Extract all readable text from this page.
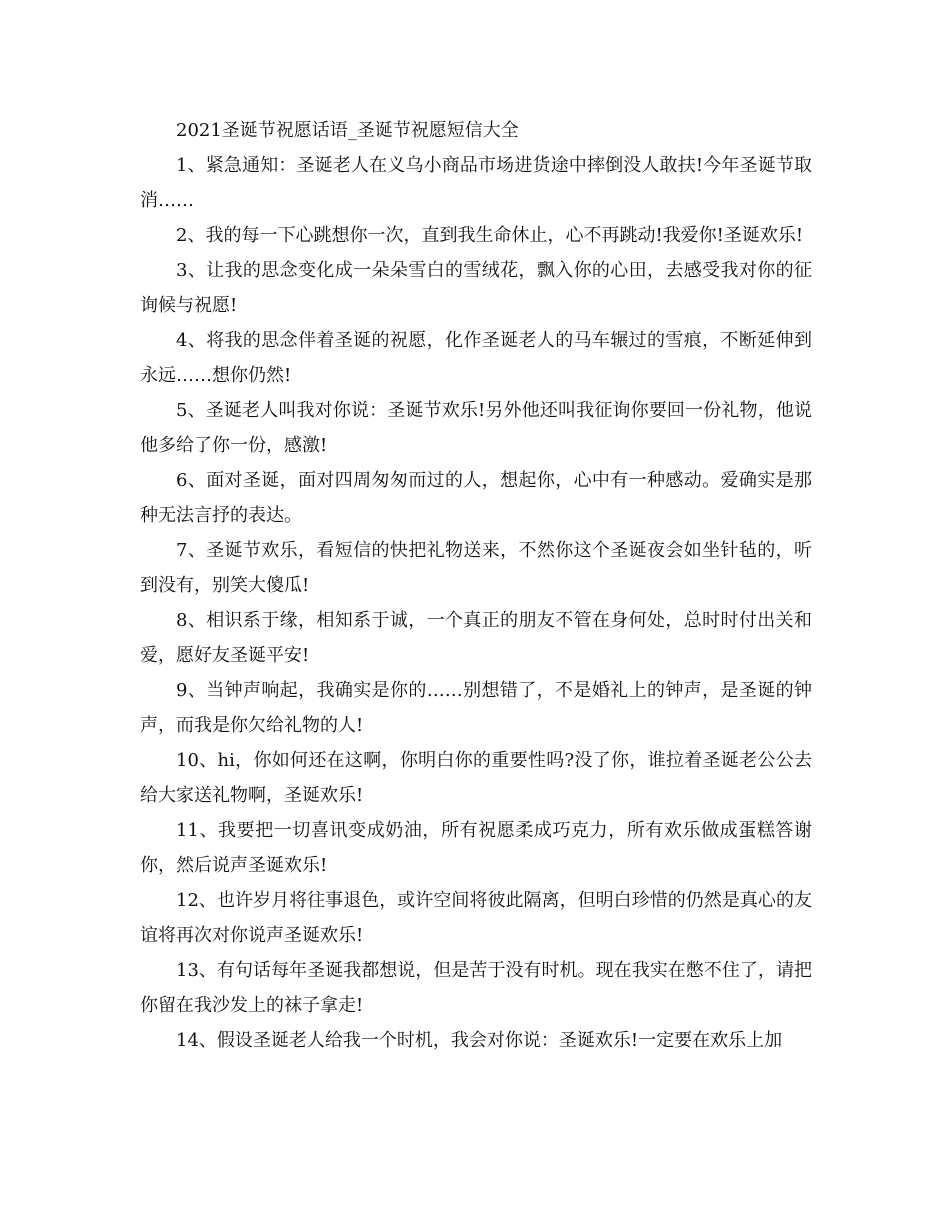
2021圣诞节祝愿话语_圣诞节祝愿短信大全

1、紧急通知：圣诞老人在义乌小商品市场进货途中摔倒没人敢扶!今年圣诞节取消……

2、我的每一下心跳想你一次，直到我生命休止，心不再跳动!我爱你!圣诞欢乐!

3、让我的思念变化成一朵朵雪白的雪绒花，飘入你的心田，去感受我对你的征询候与祝愿!

4、将我的思念伴着圣诞的祝愿，化作圣诞老人的马车辗过的雪痕，不断延伸到永远……想你仍然!

5、圣诞老人叫我对你说：圣诞节欢乐!另外他还叫我征询你要回一份礼物，他说他多给了你一份，感激!

6、面对圣诞，面对四周匆匆而过的人，想起你，心中有一种感动。爱确实是那种无法言抒的表达。

7、圣诞节欢乐，看短信的快把礼物送来，不然你这个圣诞夜会如坐针毡的，听到没有，别笑大傻瓜!

8、相识系于缘，相知系于诚，一个真正的朋友不管在身何处，总时时付出关和爱，愿好友圣诞平安!

9、当钟声响起，我确实是你的……别想错了，不是婚礼上的钟声，是圣诞的钟声，而我是你欠给礼物的人!

10、hi，你如何还在这啊，你明白你的重要性吗?没了你，谁拉着圣诞老公公去给大家送礼物啊，圣诞欢乐!

11、我要把一切喜讯变成奶油，所有祝愿柔成巧克力，所有欢乐做成蛋糕答谢你，然后说声圣诞欢乐!

12、也许岁月将往事退色，或许空间将彼此隔离，但明白珍惜的仍然是真心的友谊将再次对你说声圣诞欢乐!

13、有句话每年圣诞我都想说，但是苦于没有时机。现在我实在憋不住了，请把你留在我沙发上的袜子拿走!

14、假设圣诞老人给我一个时机，我会对你说：圣诞欢乐!一定要在欢乐上加
